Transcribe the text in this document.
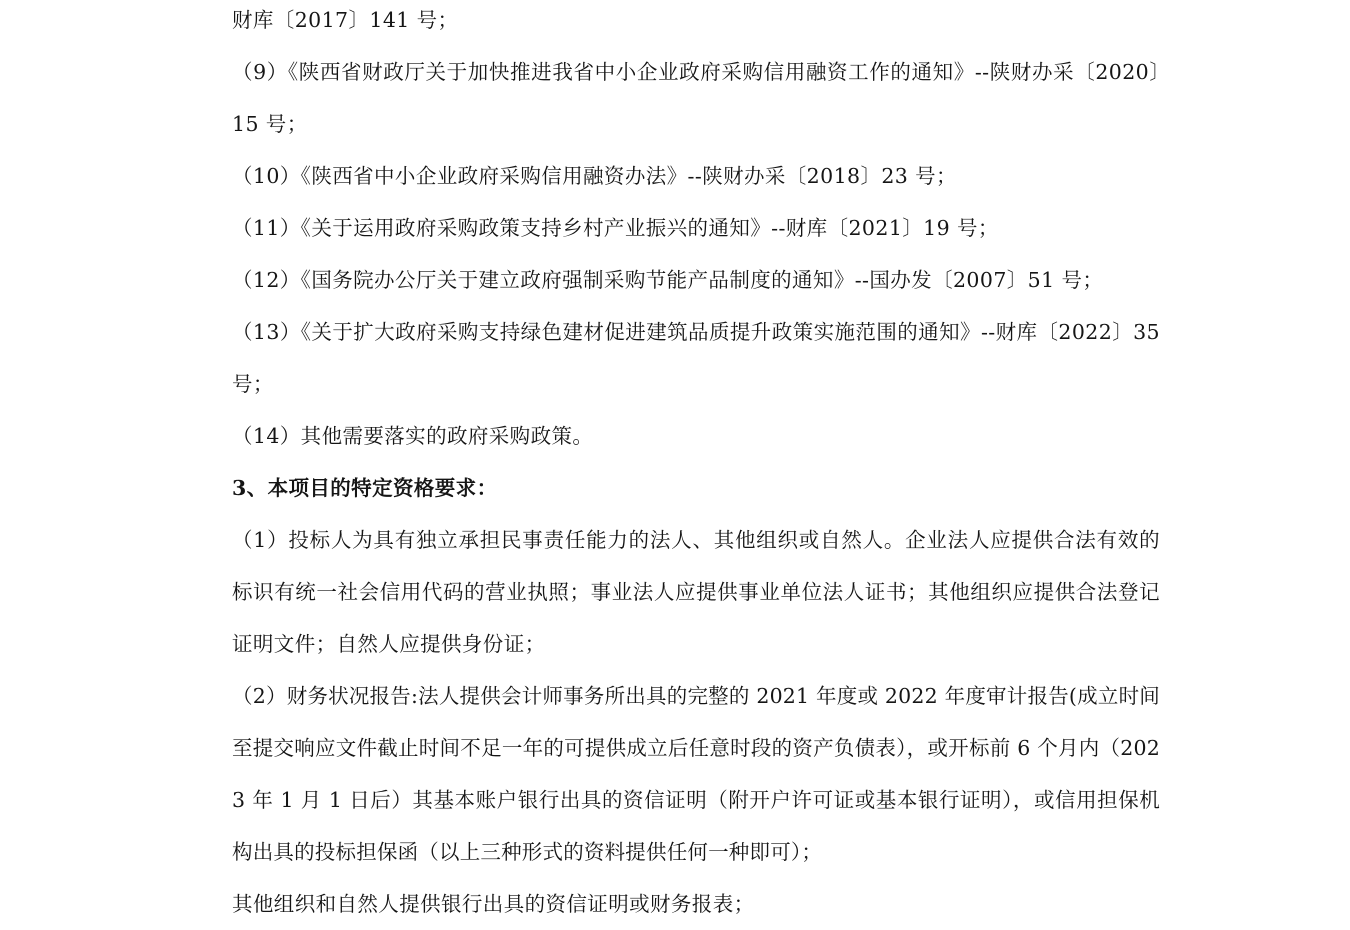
财库〔2017〕141 号；

（9）《陕西省财政厅关于加快推进我省中小企业政府采购信用融资工作的通知》--陕财办采〔2020〕15 号；

（10）《陕西省中小企业政府采购信用融资办法》--陕财办采〔2018〕23 号；

（11）《关于运用政府采购政策支持乡村产业振兴的通知》--财库〔2021〕19 号；

（12）《国务院办公厅关于建立政府强制采购节能产品制度的通知》--国办发〔2007〕51 号；

（13）《关于扩大政府采购支持绿色建材促进建筑品质提升政策实施范围的通知》--财库〔2022〕35 号；

（14）其他需要落实的政府采购政策。

3、本项目的特定资格要求：

（1）投标人为具有独立承担民事责任能力的法人、其他组织或自然人。企业法人应提供合法有效的标识有统一社会信用代码的营业执照；事业法人应提供事业单位法人证书；其他组织应提供合法登记证明文件；自然人应提供身份证；

（2）财务状况报告:法人提供会计师事务所出具的完整的 2021 年度或 2022 年度审计报告(成立时间至提交响应文件截止时间不足一年的可提供成立后任意时段的资产负债表），或开标前 6 个月内（2023 年 1 月 1 日后）其基本账户银行出具的资信证明（附开户许可证或基本银行证明），或信用担保机构出具的投标担保函（以上三种形式的资料提供任何一种即可）；

其他组织和自然人提供银行出具的资信证明或财务报表；
